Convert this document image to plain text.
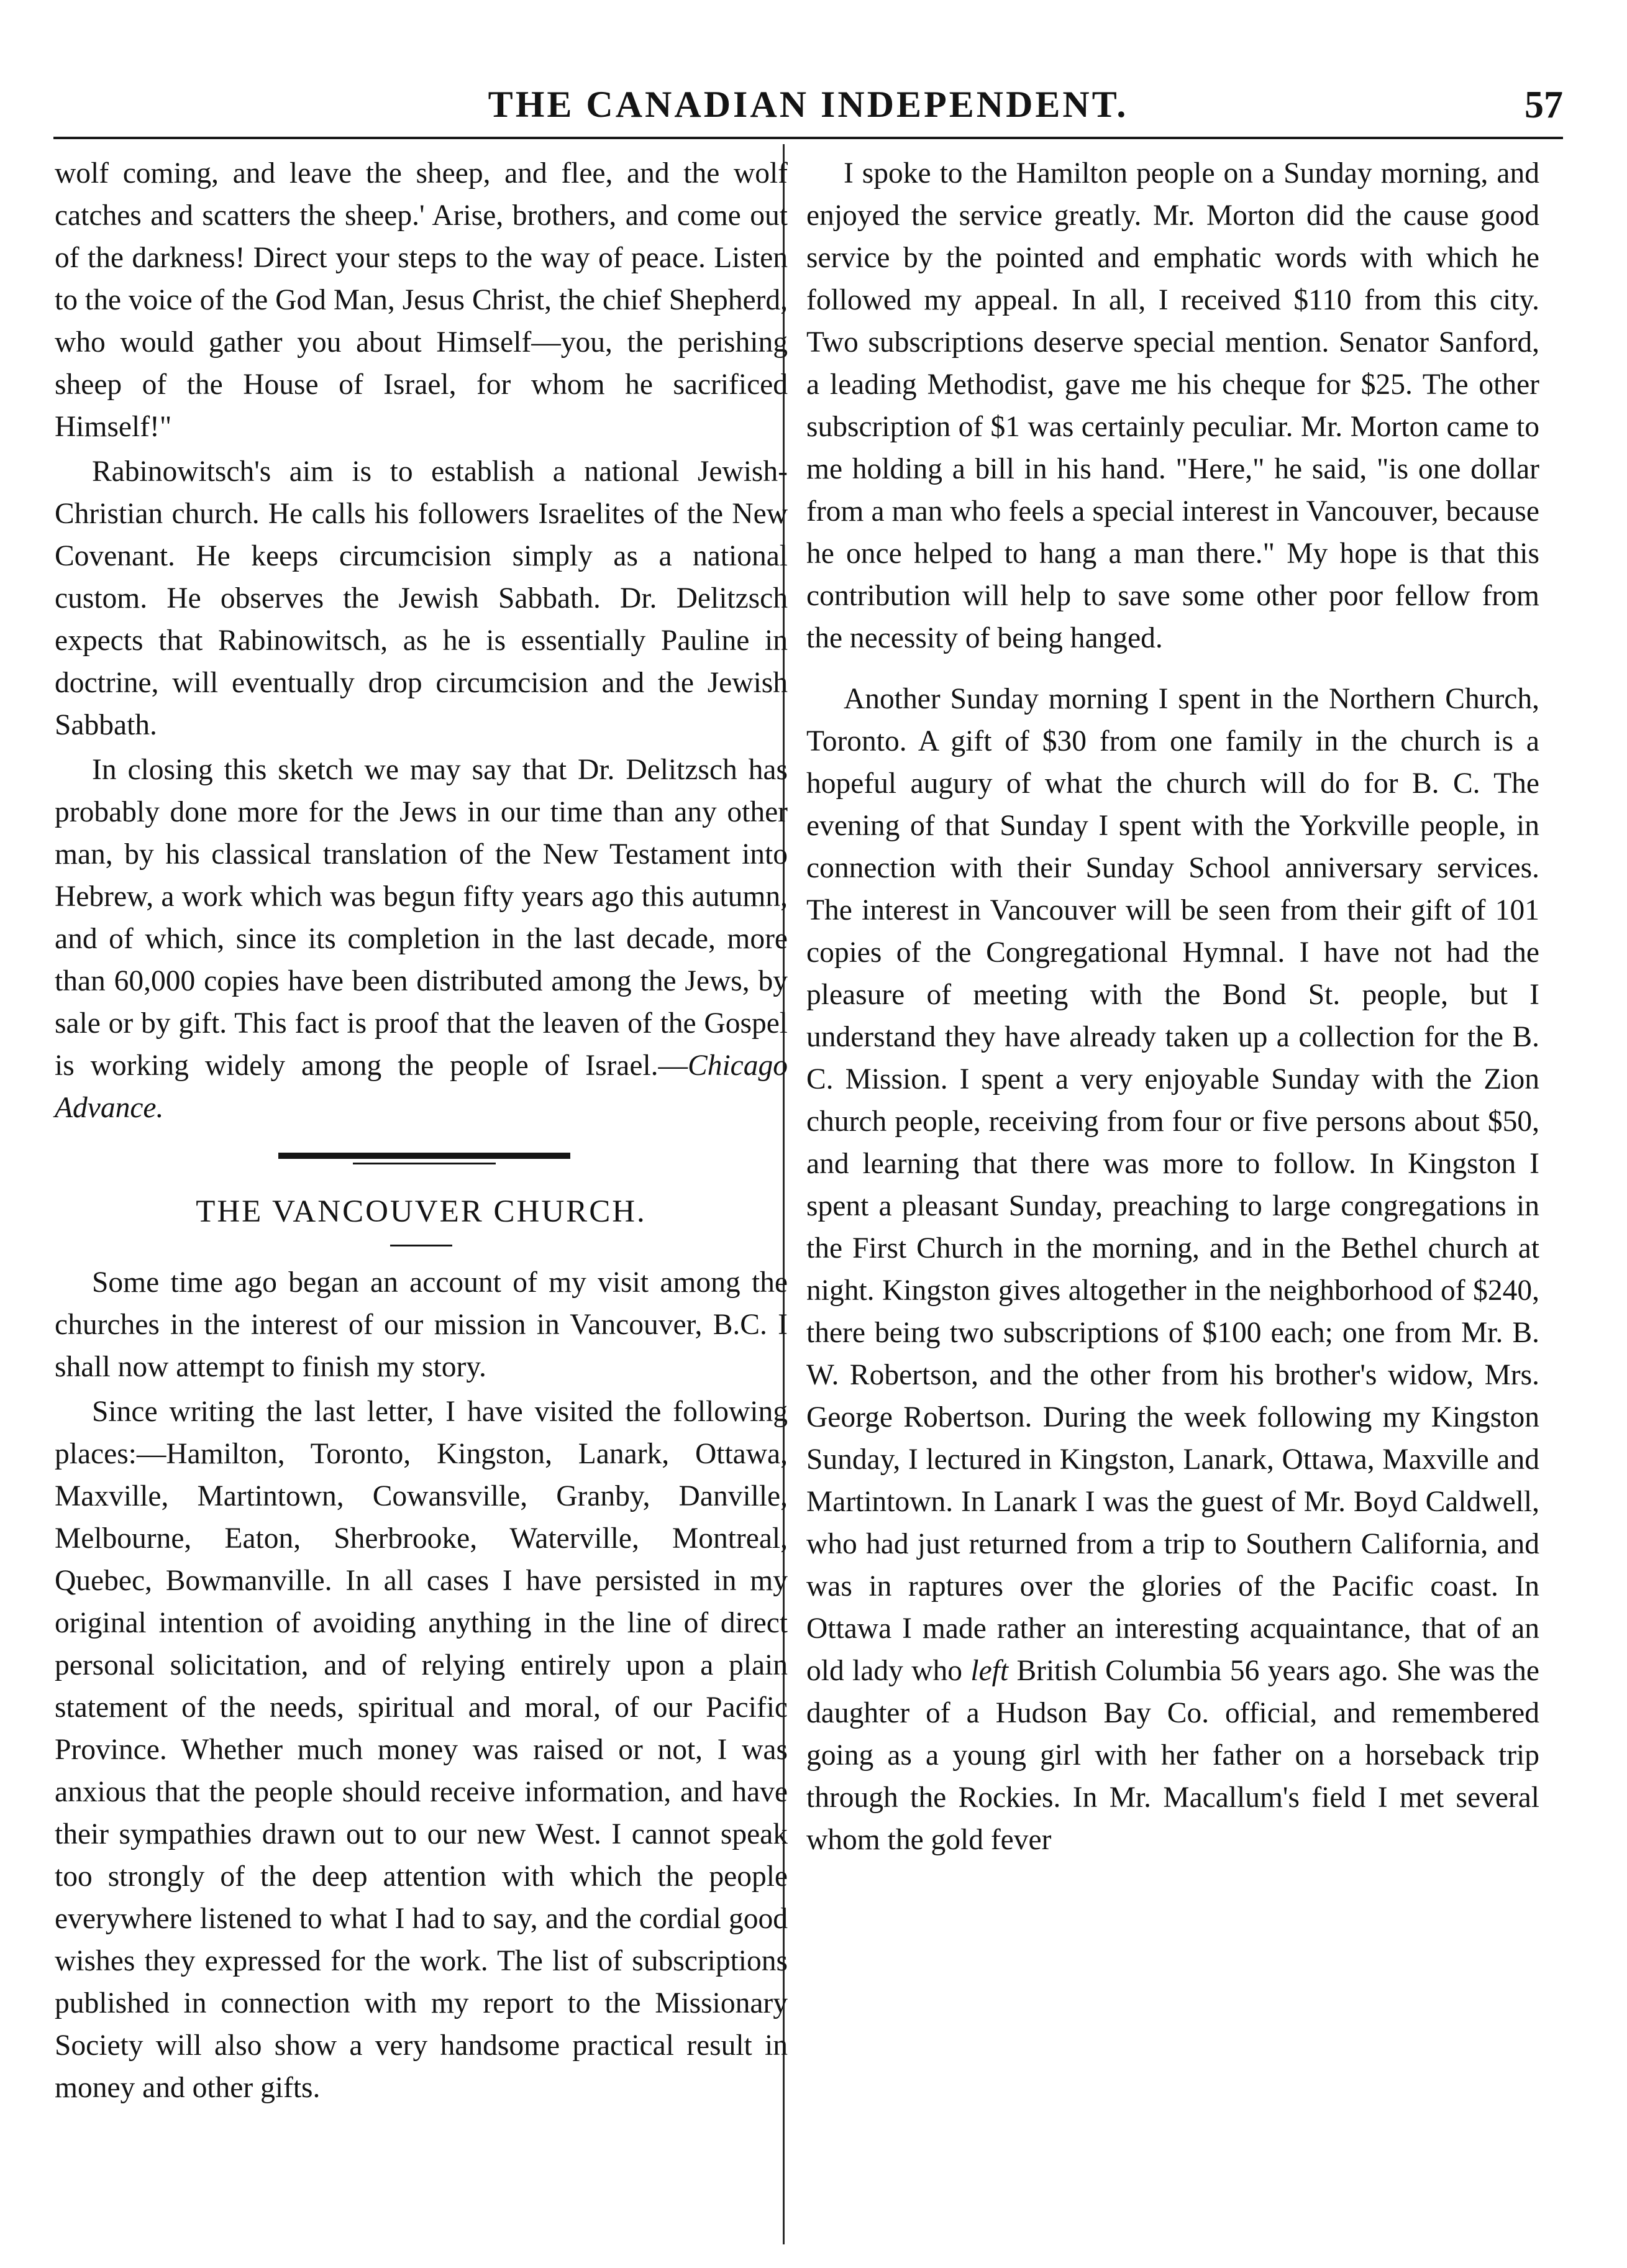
THE CANADIAN INDEPENDENT.	57

wolf coming, and leave the sheep, and flee, and the wolf catches and scatters the sheep.' Arise, brothers, and come out of the darkness! Direct your steps to the way of peace. Listen to the voice of the God Man, Jesus Christ, the chief Shepherd, who would gather you about Himself—you, the perishing sheep of the House of Israel, for whom he sacrificed Himself!"

Rabinowitsch's aim is to establish a national Jewish-Christian church. He calls his followers Israelites of the New Covenant. He keeps circumcision simply as a national custom. He observes the Jewish Sabbath. Dr. Delitzsch expects that Rabinowitsch, as he is essentially Pauline in doctrine, will eventually drop circumcision and the Jewish Sabbath.

In closing this sketch we may say that Dr. Delitzsch has probably done more for the Jews in our time than any other man, by his classical translation of the New Testament into Hebrew, a work which was begun fifty years ago this autumn, and of which, since its completion in the last decade, more than 60,000 copies have been distributed among the Jews, by sale or by gift. This fact is proof that the leaven of the Gospel is working widely among the people of Israel.—Chicago Advance.

THE VANCOUVER CHURCH.

Some time ago began an account of my visit among the churches in the interest of our mission in Vancouver, B.C. I shall now attempt to finish my story.

Since writing the last letter, I have visited the following places:—Hamilton, Toronto, Kingston, Lanark, Ottawa, Maxville, Martintown, Cowansville, Granby, Danville, Melbourne, Eaton, Sherbrooke, Waterville, Montreal, Quebec, Bowmanville. In all cases I have persisted in my original intention of avoiding anything in the line of direct personal solicitation, and of relying entirely upon a plain statement of the needs, spiritual and moral, of our Pacific Province. Whether much money was raised or not, I was anxious that the people should receive information, and have their sympathies drawn out to our new West. I cannot speak too strongly of the deep attention with which the people everywhere listened to what I had to say, and the cordial good wishes they expressed for the work. The list of subscriptions published in connection with my report to the Missionary Society will also show a very handsome practical result in money and other gifts.

I spoke to the Hamilton people on a Sunday morning, and enjoyed the service greatly. Mr. Morton did the cause good service by the pointed and emphatic words with which he followed my appeal. In all, I received $110 from this city. Two subscriptions deserve special mention. Senator Sanford, a leading Methodist, gave me his cheque for $25. The other subscription of $1 was certainly peculiar. Mr. Morton came to me holding a bill in his hand. "Here," he said, "is one dollar from a man who feels a special interest in Vancouver, because he once helped to hang a man there." My hope is that this contribution will help to save some other poor fellow from the necessity of being hanged.

Another Sunday morning I spent in the Northern Church, Toronto. A gift of $30 from one family in the church is a hopeful augury of what the church will do for B. C. The evening of that Sunday I spent with the Yorkville people, in connection with their Sunday School anniversary services. The interest in Vancouver will be seen from their gift of 101 copies of the Congregational Hymnal. I have not had the pleasure of meeting with the Bond St. people, but I understand they have already taken up a collection for the B. C. Mission. I spent a very enjoyable Sunday with the Zion church people, receiving from four or five persons about $50, and learning that there was more to follow. In Kingston I spent a pleasant Sunday, preaching to large congregations in the First Church in the morning, and in the Bethel church at night. Kingston gives altogether in the neighborhood of $240, there being two subscriptions of $100 each; one from Mr. B. W. Robertson, and the other from his brother's widow, Mrs. George Robertson. During the week following my Kingston Sunday, I lectured in Kingston, Lanark, Ottawa, Maxville and Martintown. In Lanark I was the guest of Mr. Boyd Caldwell, who had just returned from a trip to Southern California, and was in raptures over the glories of the Pacific coast. In Ottawa I made rather an interesting acquaintance, that of an old lady who left British Columbia 56 years ago. She was the daughter of a Hudson Bay Co. official, and remembered going as a young girl with her father on a horseback trip through the Rockies. In Mr. Macallum's field I met several whom the gold fever
